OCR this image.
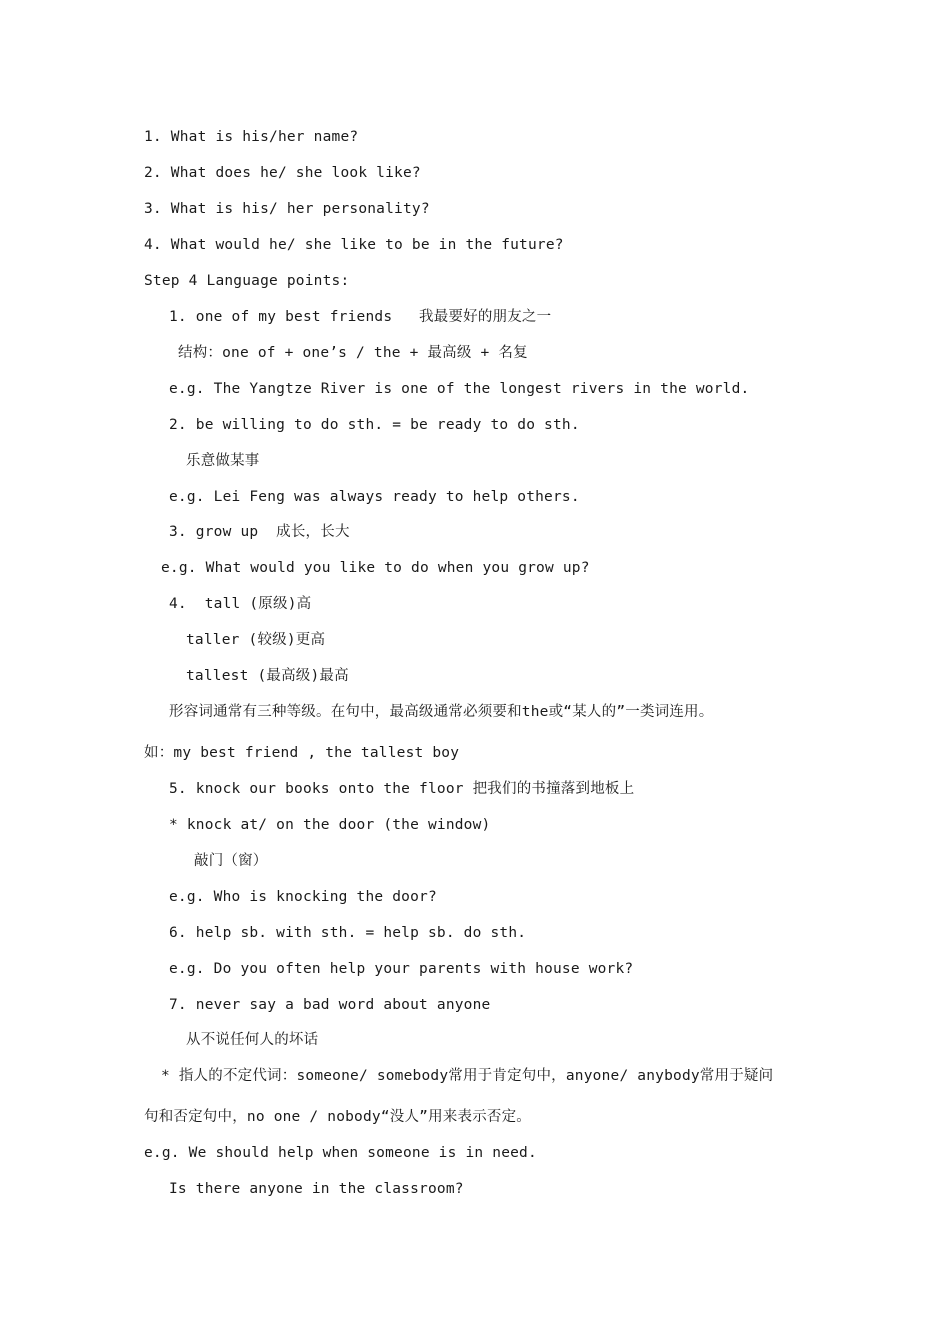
1. What is his/her name?
2. What does he/ she look like?
3. What is his/ her personality?
4. What would he/ she like to be in the future?
Step 4 Language points:
1. one of my best friends   我最要好的朋友之一
结构：one of + one’s / the + 最高级 + 名复
e.g. The Yangtze River is one of the longest rivers in the world.
2. be willing to do sth. = be ready to do sth.
乐意做某事
e.g. Lei Feng was always ready to help others.
3. grow up  成长，长大
e.g. What would you like to do when you grow up?
4.  tall (原级)高
taller (较级)更高
tallest (最高级)最高
形容词通常有三种等级。在句中，最高级通常必须要和the或“某人的”一类词连用。
如：my best friend , the tallest boy
5. knock our books onto the floor 把我们的书撞落到地板上
* knock at/ on the door (the window)
敲门（窗）
e.g. Who is knocking the door?
6. help sb. with sth. = help sb. do sth.
e.g. Do you often help your parents with house work?
7. never say a bad word about anyone
从不说任何人的坏话
* 指人的不定代词：someone/ somebody常用于肯定句中，anyone/ anybody常用于疑问
句和否定句中，no one / nobody“没人”用来表示否定。
e.g. We should help when someone is in need.
Is there anyone in the classroom?
